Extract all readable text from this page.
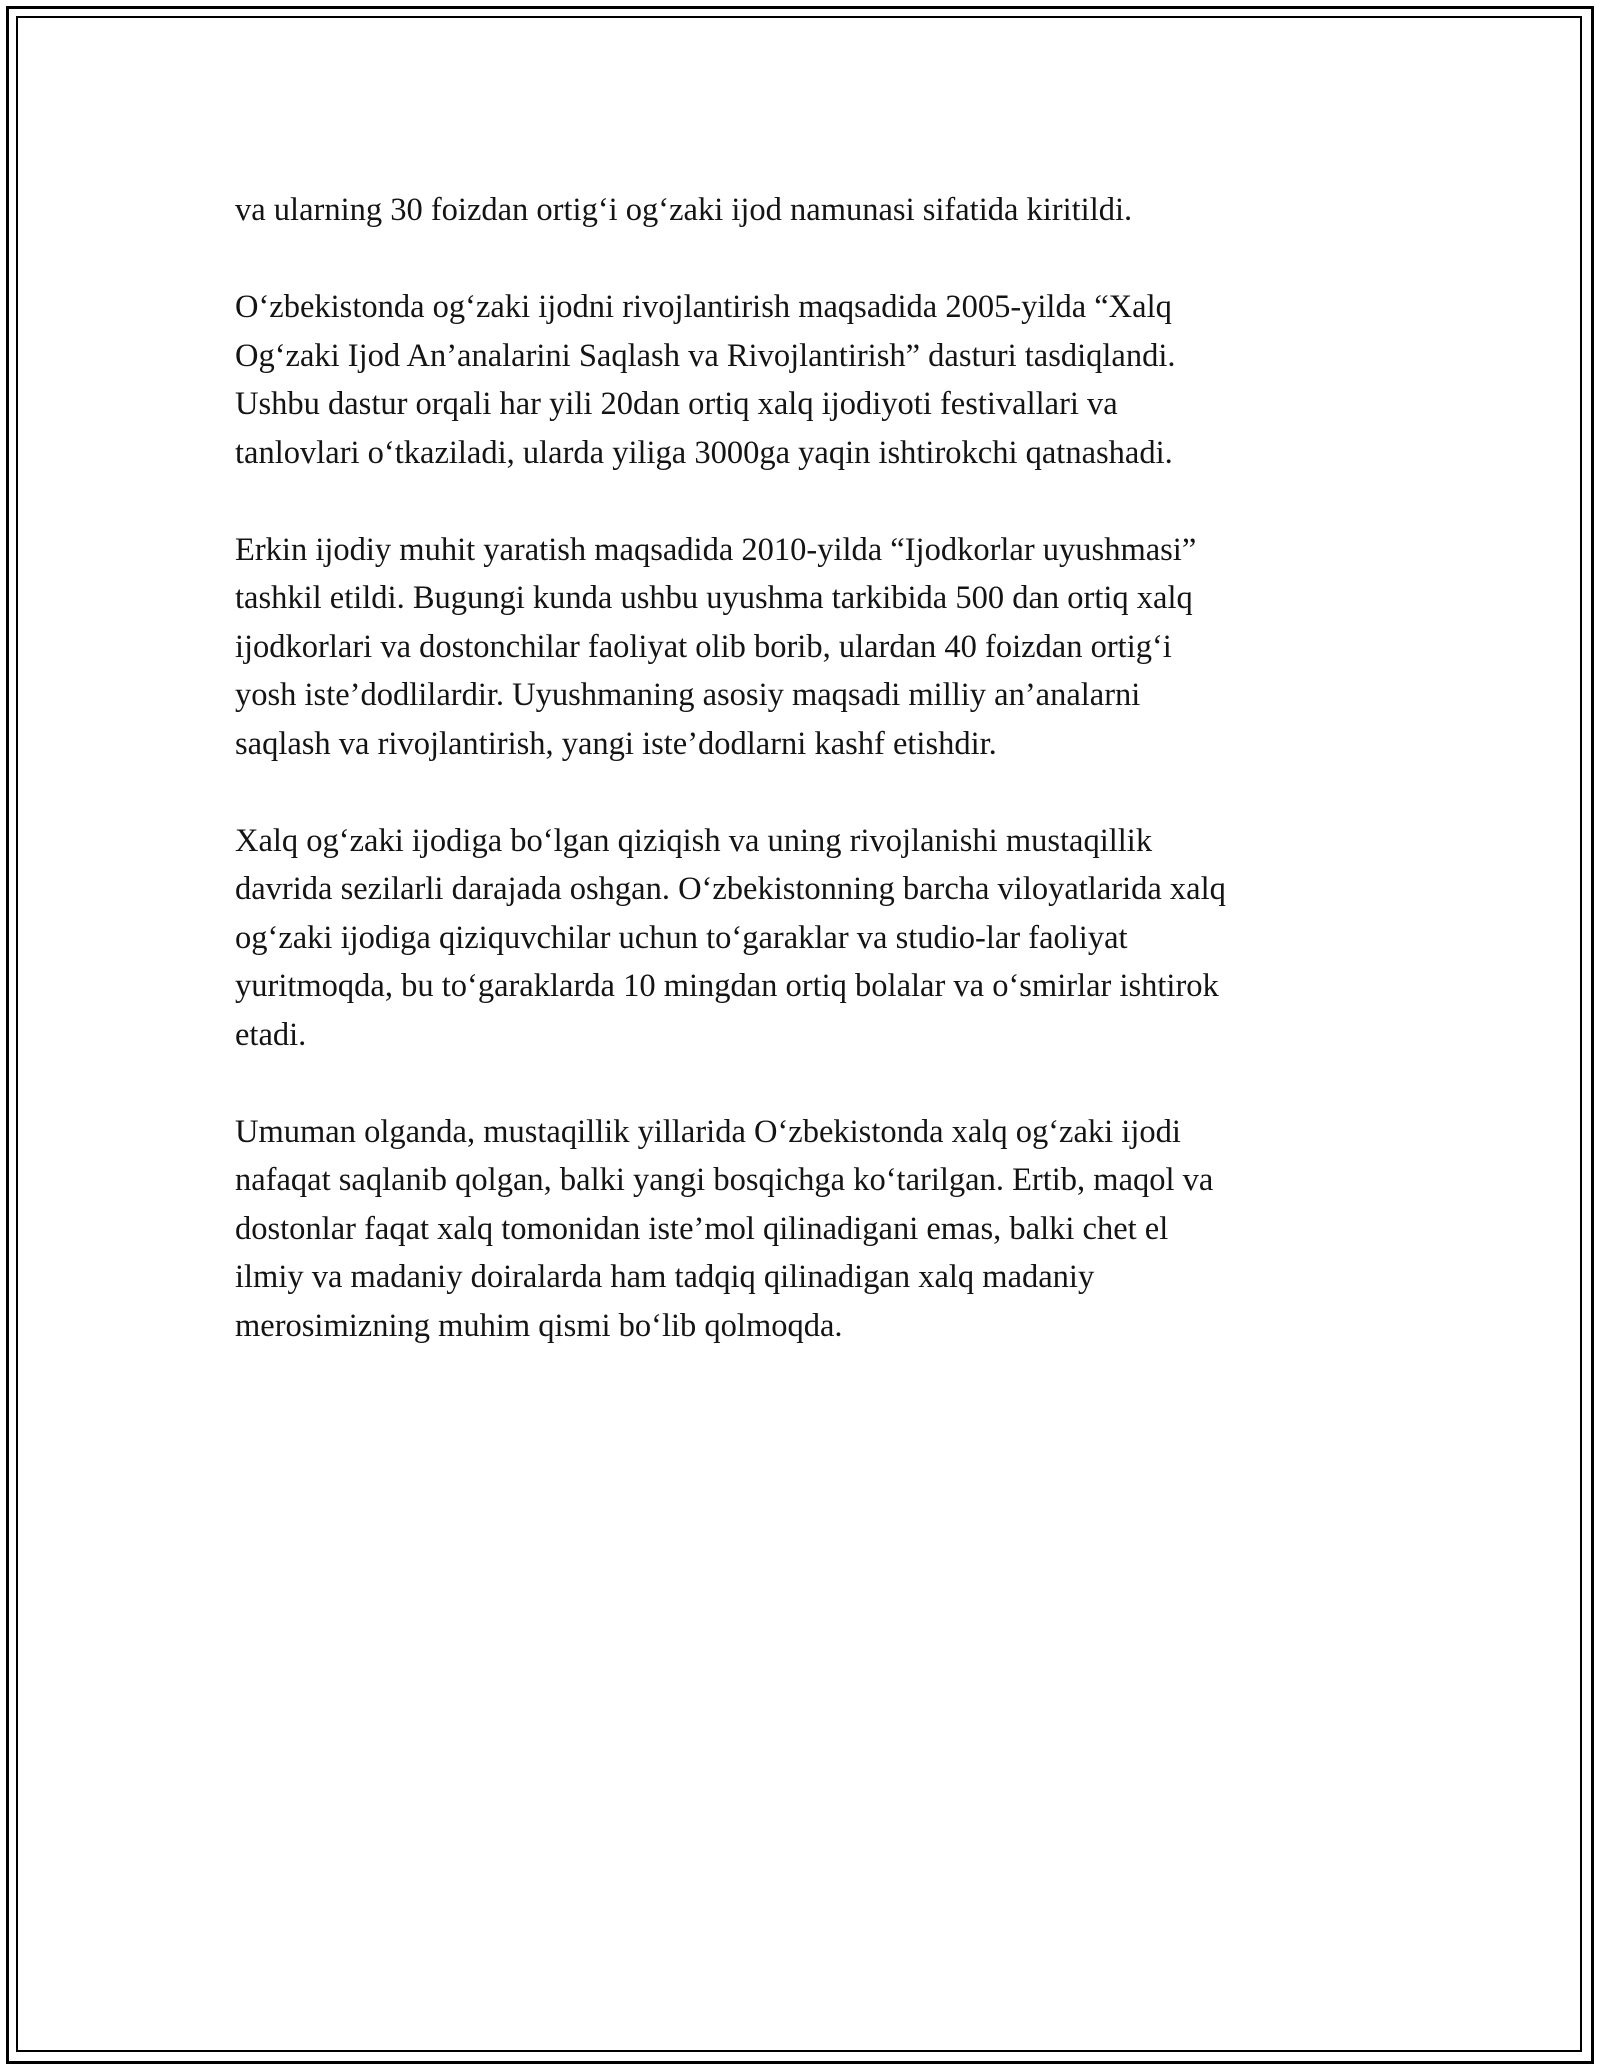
va ularning 30 foizdan ortig‘i og‘zaki ijod namunasi sifatida kiritildi.

O‘zbekistonda og‘zaki ijodni rivojlantirish maqsadida 2005-yilda “Xalq
Og‘zaki Ijod An’analarini Saqlash va Rivojlantirish” dasturi tasdiqlandi.
Ushbu dastur orqali har yili 20dan ortiq xalq ijodiyoti festivallari va
tanlovlari o‘tkaziladi, ularda yiliga 3000ga yaqin ishtirokchi qatnashadi.

Erkin ijodiy muhit yaratish maqsadida 2010-yilda “Ijodkorlar uyushmasi”
tashkil etildi. Bugungi kunda ushbu uyushma tarkibida 500 dan ortiq xalq
ijodkorlari va dostonchilar faoliyat olib borib, ulardan 40 foizdan ortig‘i
yosh iste’dodlilardir. Uyushmaning asosiy maqsadi milliy an’analarni
saqlash va rivojlantirish, yangi iste’dodlarni kashf etishdir.

Xalq og‘zaki ijodiga bo‘lgan qiziqish va uning rivojlanishi mustaqillik
davrida sezilarli darajada oshgan. O‘zbekistonning barcha viloyatlarida xalq
og‘zaki ijodiga qiziquvchilar uchun to‘garaklar va studio-lar faoliyat
yuritmoqda, bu to‘garaklarda 10 mingdan ortiq bolalar va o‘smirlar ishtirok
etadi.

Umuman olganda, mustaqillik yillarida O‘zbekistonda xalq og‘zaki ijodi
nafaqat saqlanib qolgan, balki yangi bosqichga ko‘tarilgan. Ertib, maqol va
dostonlar faqat xalq tomonidan iste’mol qilinadigani emas, balki chet el
ilmiy va madaniy doiralarda ham tadqiq qilinadigan xalq madaniy
merosimizning muhim qismi bo‘lib qolmoqda.
